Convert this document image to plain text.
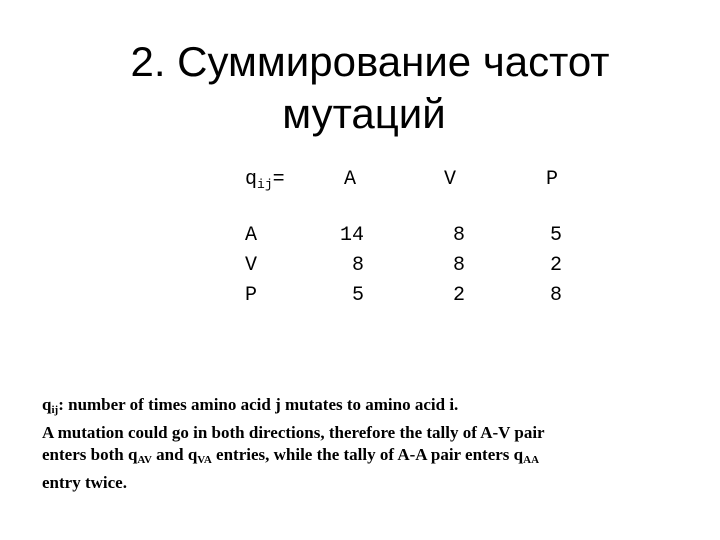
2. Суммирование частот
мутаций
$q_{ij}=$	A	V	P
A	14	8	5
V	8	8	2
P	5	2	8
$q_{ij}$: number of times amino acid j mutates to amino acid i.
A mutation could go in both directions, therefore the tally of A-V pair
enters both $q_{AV}$ and $q_{VA}$ entries, while the tally of A-A pair enters $q_{AA}$
entry twice.
